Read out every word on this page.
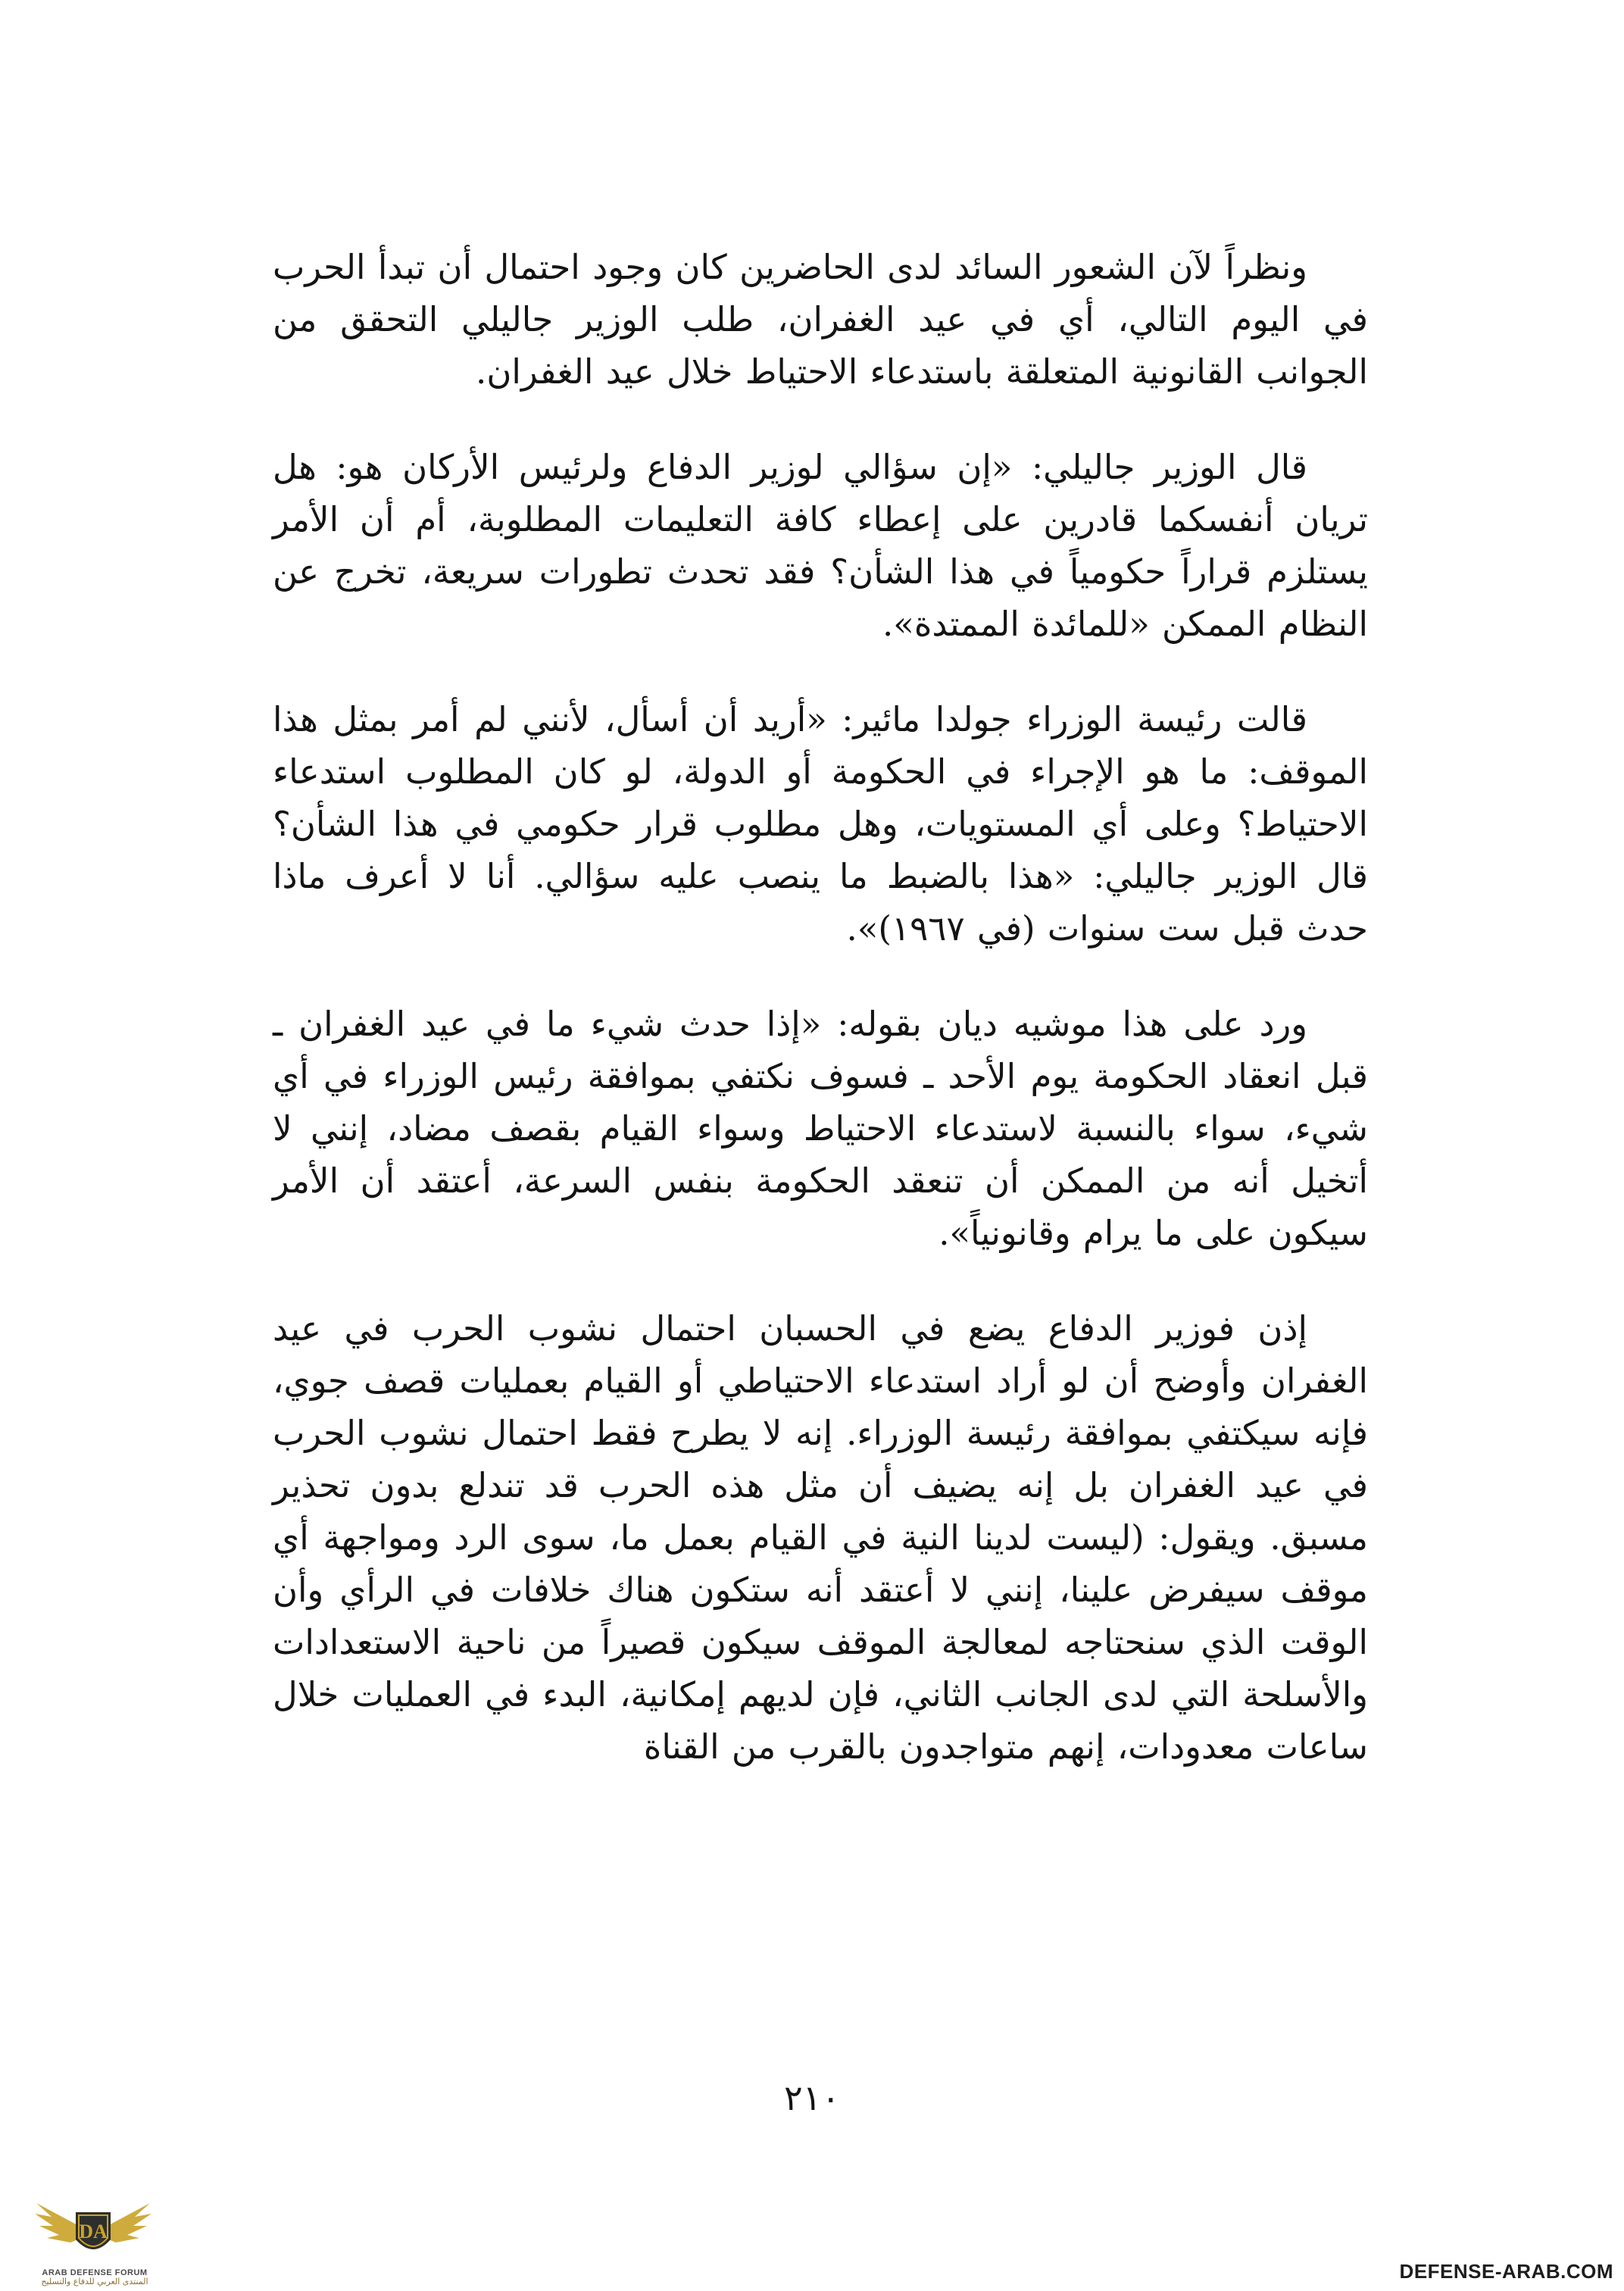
ونظراً لآن الشعور السائد لدى الحاضرين كان وجود احتمال أن تبدأ الحرب في اليوم التالي، أي في عيد الغفران، طلب الوزير جاليلي التحقق من الجوانب القانونية المتعلقة باستدعاء الاحتياط خلال عيد الغفران.

قال الوزير جاليلي: «إن سؤالي لوزير الدفاع ولرئيس الأركان هو: هل تريان أنفسكما قادرين على إعطاء كافة التعليمات المطلوبة، أم أن الأمر يستلزم قراراً حكومياً في هذا الشأن؟ فقد تحدث تطورات سريعة، تخرج عن النظام الممكن «للمائدة الممتدة».

قالت رئيسة الوزراء جولدا مائير: «أريد أن أسأل، لأنني لم أمر بمثل هذا الموقف: ما هو الإجراء في الحكومة أو الدولة، لو كان المطلوب استدعاء الاحتياط؟ وعلى أي المستويات، وهل مطلوب قرار حكومي في هذا الشأن؟ قال الوزير جاليلي: «هذا بالضبط ما ينصب عليه سؤالي. أنا لا أعرف ماذا حدث قبل ست سنوات (في ١٩٦٧)».

ورد على هذا موشيه ديان بقوله: «إذا حدث شيء ما في عيد الغفران ـ قبل انعقاد الحكومة يوم الأحد ـ فسوف نكتفي بموافقة رئيس الوزراء في أي شيء، سواء بالنسبة لاستدعاء الاحتياط وسواء القيام بقصف مضاد، إنني لا أتخيل أنه من الممكن أن تنعقد الحكومة بنفس السرعة، أعتقد أن الأمر سيكون على ما يرام وقانونياً».

إذن فوزير الدفاع يضع في الحسبان احتمال نشوب الحرب في عيد الغفران وأوضح أن لو أراد استدعاء الاحتياطي أو القيام بعمليات قصف جوي، فإنه سيكتفي بموافقة رئيسة الوزراء. إنه لا يطرح فقط احتمال نشوب الحرب في عيد الغفران بل إنه يضيف أن مثل هذه الحرب قد تندلع بدون تحذير مسبق. ويقول: (ليست لدينا النية في القيام بعمل ما، سوى الرد ومواجهة أي موقف سيفرض علينا، إنني لا أعتقد أنه ستكون هناك خلافات في الرأي وأن الوقت الذي سنحتاجه لمعالجة الموقف سيكون قصيراً من ناحية الاستعدادات والأسلحة التي لدى الجانب الثاني، فإن لديهم إمكانية، البدء في العمليات خلال ساعات معدودات، إنهم متواجدون بالقرب من القناة

٢١٠
DA
ARAB DEFENSE FORUM
المنتدى العربي للدفاع والتسليح	DEFENSE-ARAB.COM
